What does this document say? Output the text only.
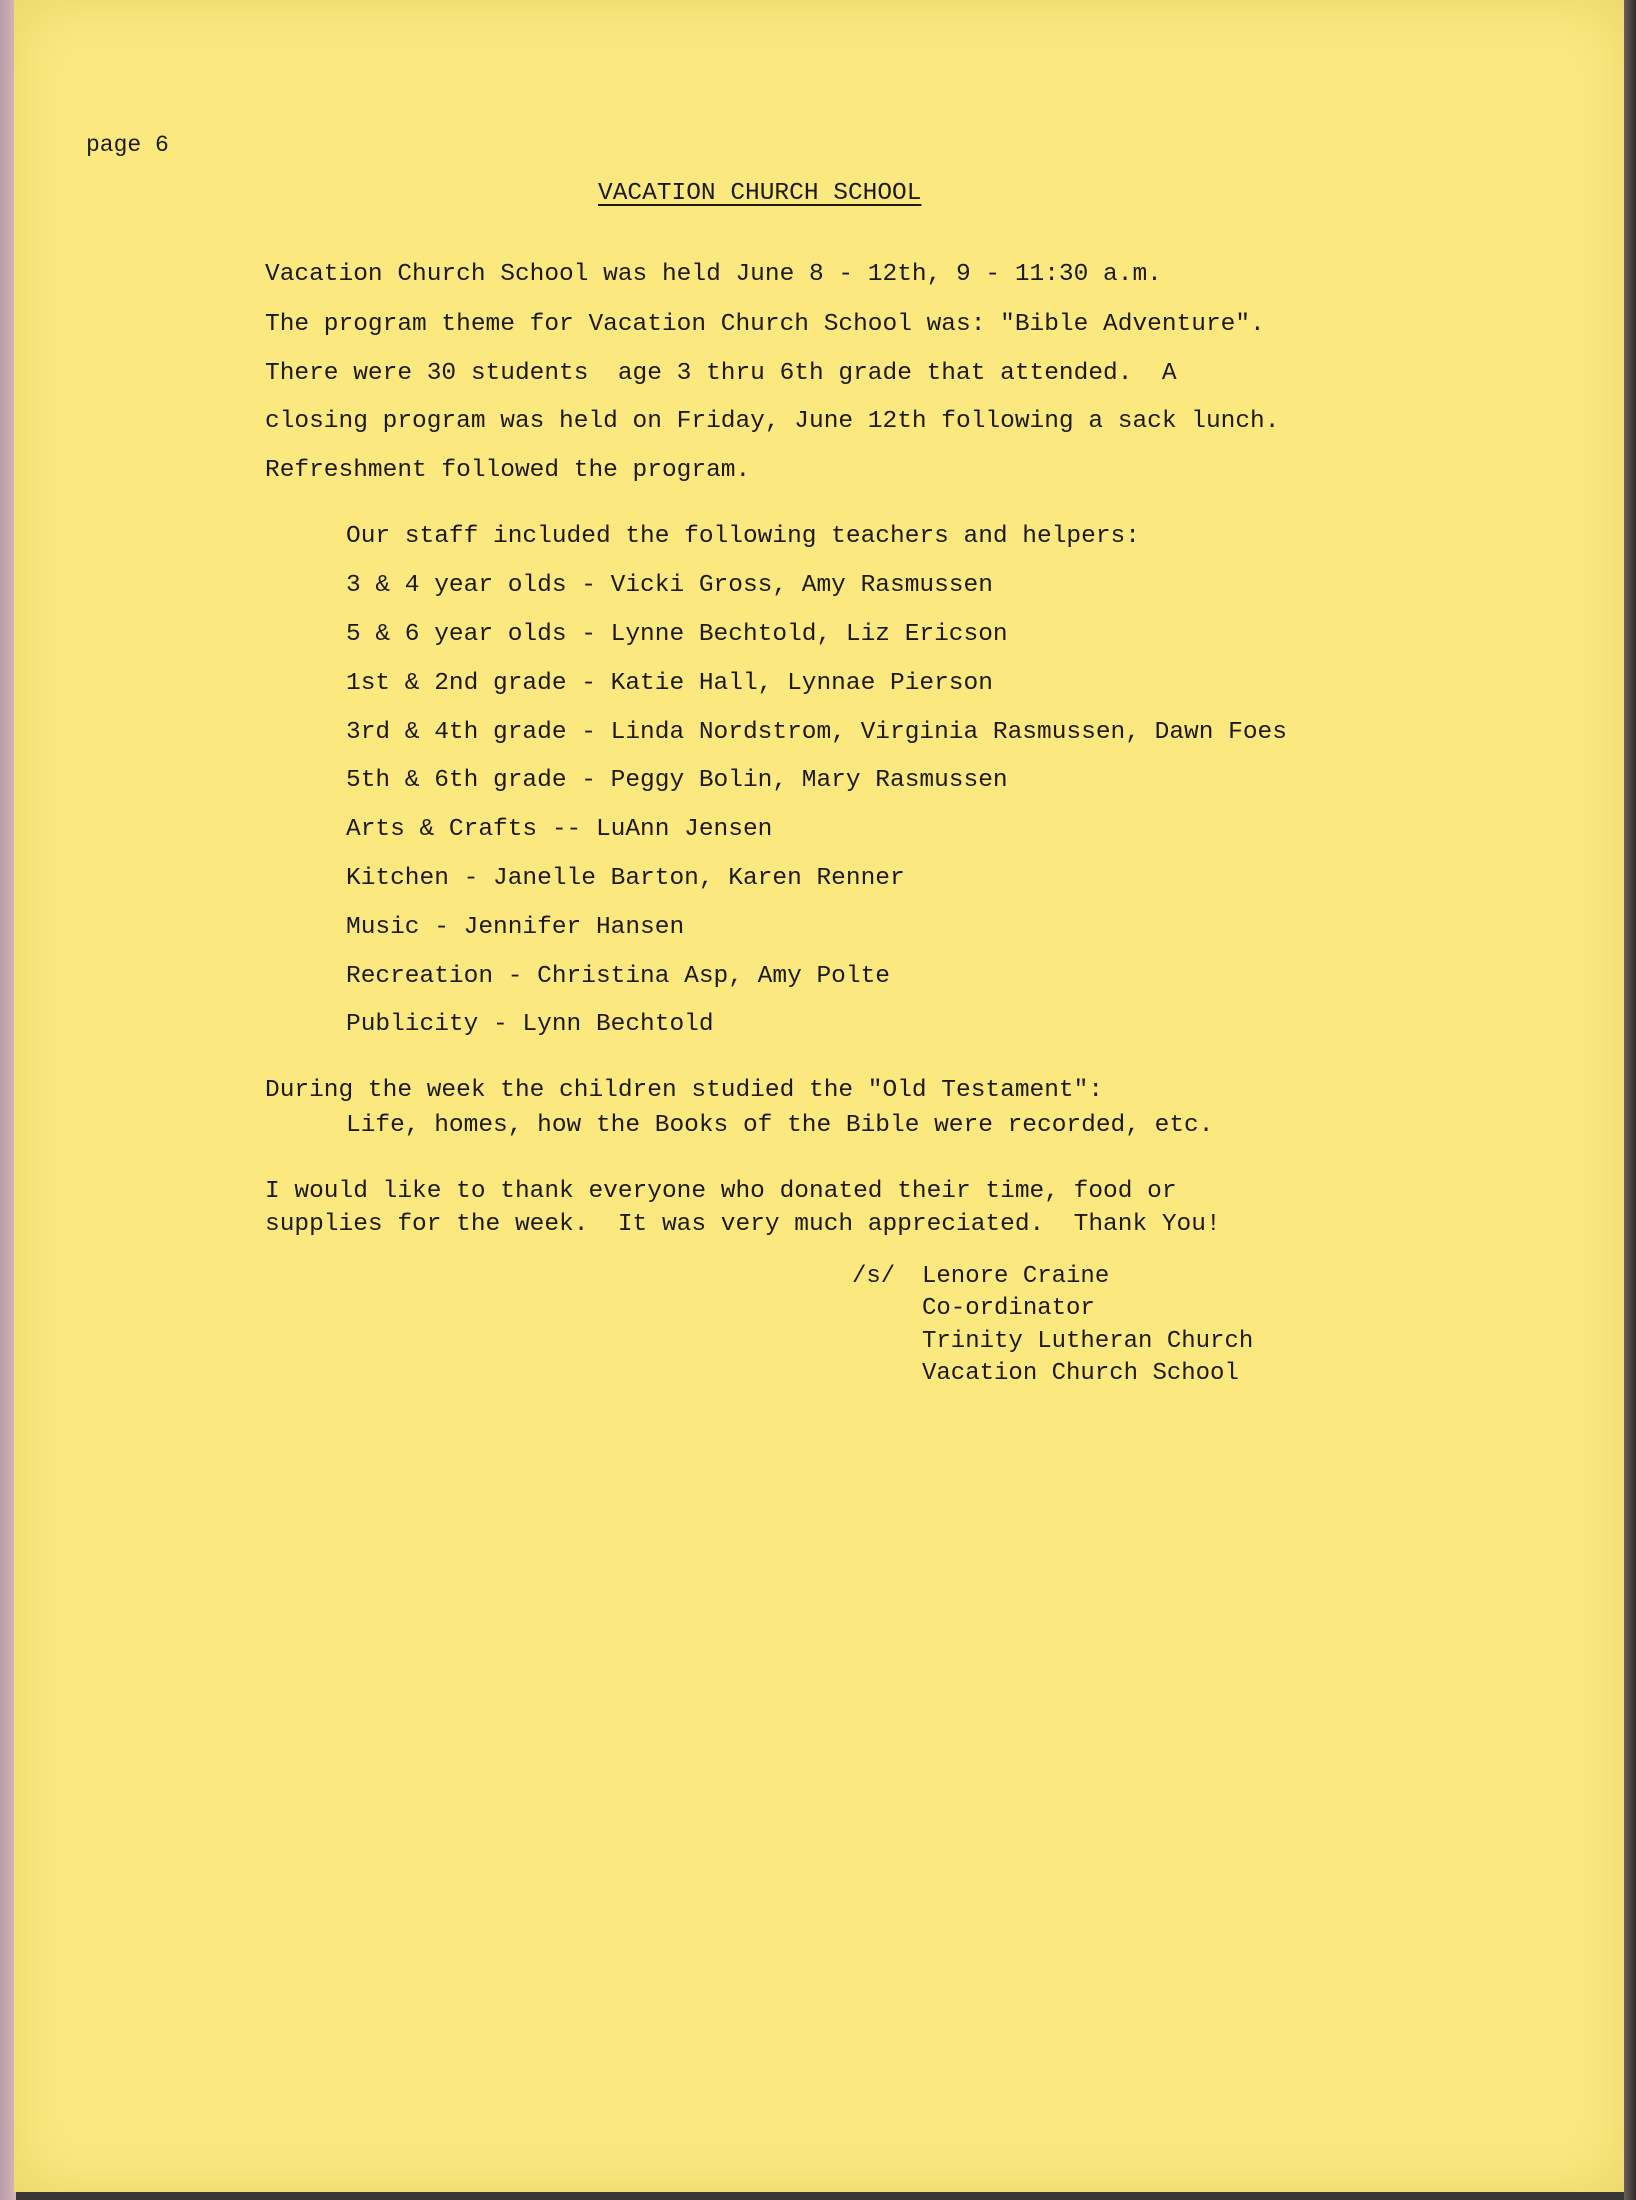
page 6
VACATION CHURCH SCHOOL
Vacation Church School was held June 8 - 12th, 9 - 11:30 a.m.
The program theme for Vacation Church School was: "Bible Adventure".
There were 30 students  age 3 thru 6th grade that attended.  A
closing program was held on Friday, June 12th following a sack lunch.
Refreshment followed the program.
Our staff included the following teachers and helpers:
3 & 4 year olds - Vicki Gross, Amy Rasmussen
5 & 6 year olds - Lynne Bechtold, Liz Ericson
1st & 2nd grade - Katie Hall, Lynnae Pierson
3rd & 4th grade - Linda Nordstrom, Virginia Rasmussen, Dawn Foes
5th & 6th grade - Peggy Bolin, Mary Rasmussen
Arts & Crafts -- LuAnn Jensen
Kitchen - Janelle Barton, Karen Renner
Music - Jennifer Hansen
Recreation - Christina Asp, Amy Polte
Publicity - Lynn Bechtold
During the week the children studied the "Old Testament":
Life, homes, how the Books of the Bible were recorded, etc.
I would like to thank everyone who donated their time, food or
supplies for the week.  It was very much appreciated.  Thank You!
/s/ Lenore Craine
Co-ordinator
Trinity Lutheran Church
Vacation Church School
